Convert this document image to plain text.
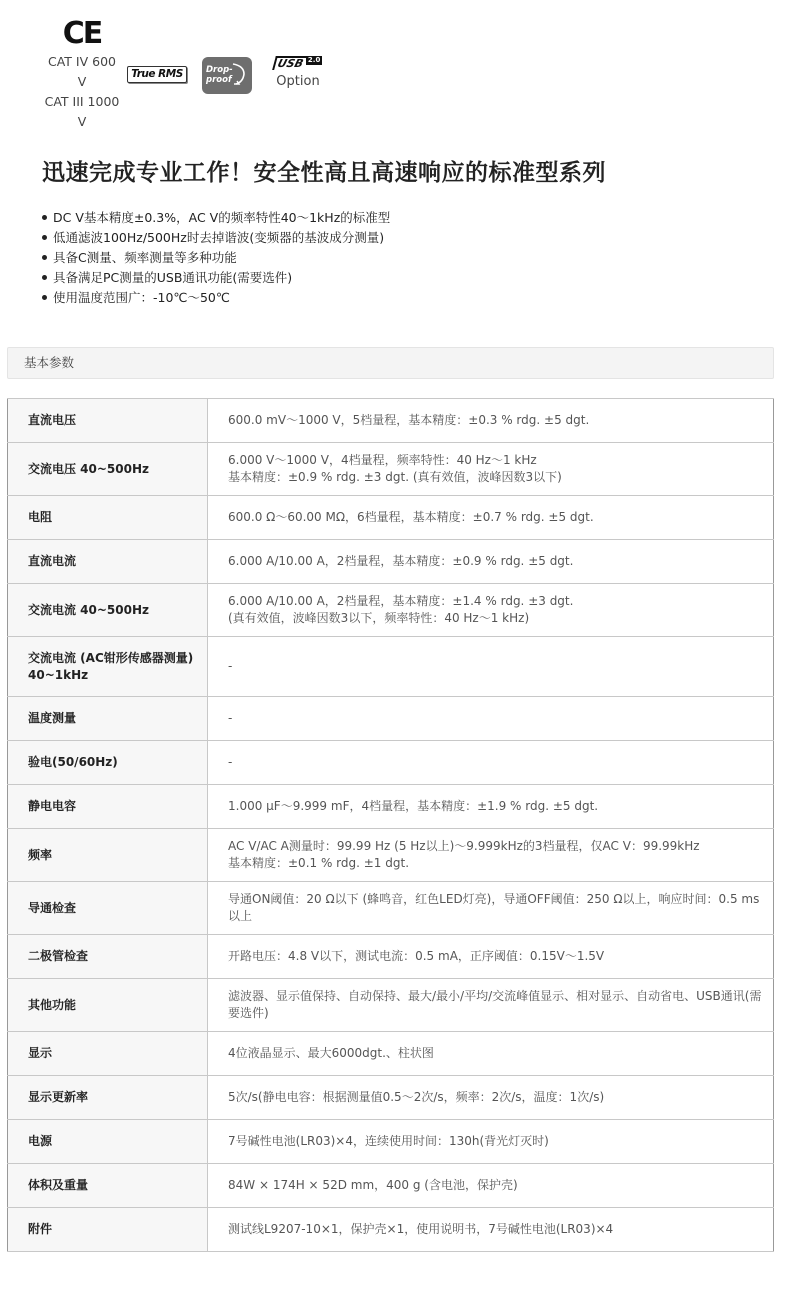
CE
CAT IV 600
V
CAT III 1000
V
True RMS	Drop-
proof
USB 2.0
Option
迅速完成专业工作！安全性高且高速响应的标准型系列
DC V基本精度±0.3%，AC V的频率特性40～1kHz的标准型
低通滤波100Hz/500Hz时去掉谐波(变频器的基波成分测量)
具备C测量、频率测量等多种功能
具备满足PC测量的USB通讯功能(需要选件)
使用温度范围广：-10℃～50℃
基本参数
直流电压	600.0 mV～1000 V，5档量程，基本精度：±0.3 % rdg. ±5 dgt.

交流电压 40~500Hz	6.000 V～1000 V，4档量程，频率特性：40 Hz～1 kHz
基本精度：±0.9 % rdg. ±3 dgt. (真有效值，波峰因数3以下)

电阻	600.0 Ω～60.00 MΩ，6档量程，基本精度：±0.7 % rdg. ±5 dgt.

直流电流	6.000 A/10.00 A，2档量程，基本精度：±0.9 % rdg. ±5 dgt.

交流电流 40~500Hz	6.000 A/10.00 A，2档量程，基本精度：±1.4 % rdg. ±3 dgt.
(真有效值，波峰因数3以下，频率特性：40 Hz～1 kHz)

交流电流 (AC钳形传感器测量) 40~1kHz	-

温度测量	-

验电(50/60Hz)	-

静电电容	1.000 μF～9.999 mF，4档量程，基本精度：±1.9 % rdg. ±5 dgt.

频率	AC V/AC A测量时：99.99 Hz (5 Hz以上)～9.999kHz的3档量程，仅AC V：99.99kHz
基本精度：±0.1 % rdg. ±1 dgt.

导通检查	导通ON阈值：20 Ω以下 (蜂鸣音，红色LED灯亮)，导通OFF阈值：250 Ω以上，响应时间：0.5 ms以上

二极管检查	开路电压：4.8 V以下，测试电流：0.5 mA，正序阈值：0.15V～1.5V

其他功能	滤波器、显示值保持、自动保持、最大/最小/平均/交流峰值显示、相对显示、自动省电、USB通讯(需要选件)

显示	4位液晶显示、最大6000dgt.、柱状图

显示更新率	5次/s(静电电容：根据测量值0.5～2次/s，频率：2次/s，温度：1次/s)

电源	7号碱性电池(LR03)×4，连续使用时间：130h(背光灯灭时)

体积及重量	84W × 174H × 52D mm，400 g (含电池，保护壳)

附件	测试线L9207-10×1，保护壳×1，使用说明书，7号碱性电池(LR03)×4
